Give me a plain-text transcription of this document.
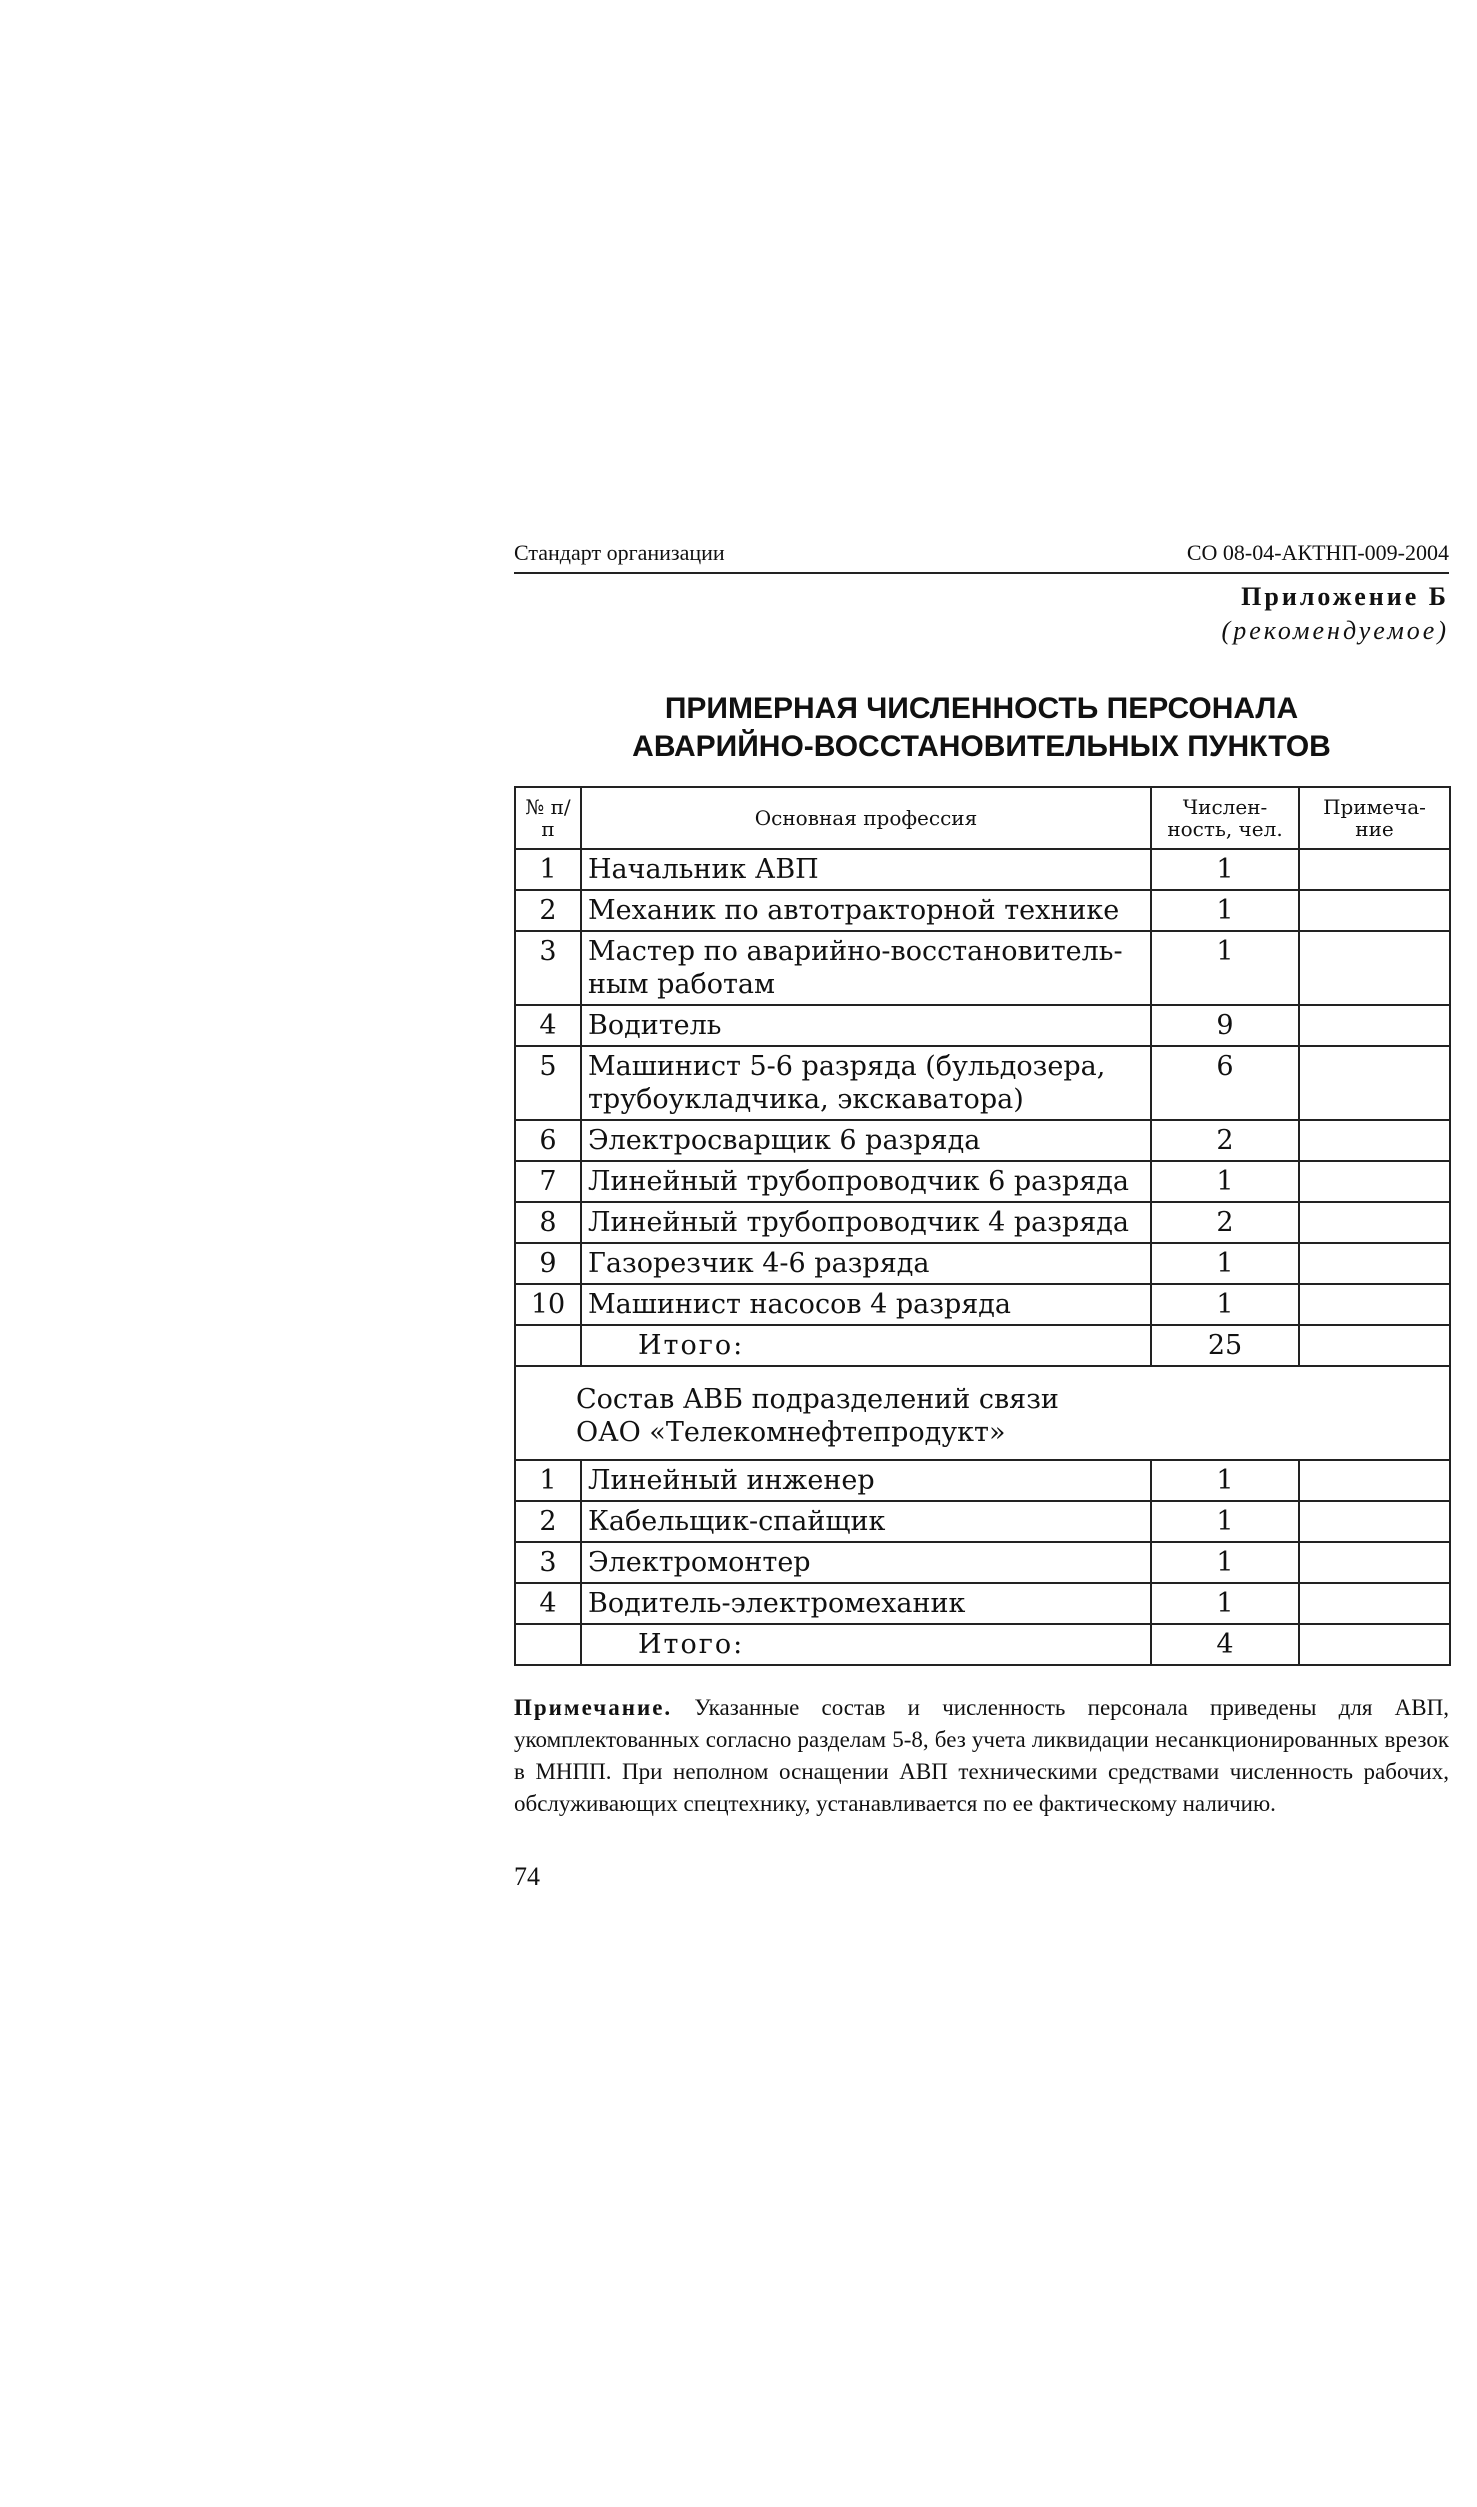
Стандарт организации	СО 08-04-АКТНП-009-2004
Приложение Б
(рекомендуемое)
ПРИМЕРНАЯ ЧИСЛЕННОСТЬ ПЕРСОНАЛА
АВАРИЙНО-ВОССТАНОВИТЕЛЬНЫХ ПУНКТОВ
№ п/п	Основная профессия	Числен- ность, чел.	Примеча- ние
1	Начальник АВП	1	
2	Механик по автотракторной технике	1	
3	Мастер по аварийно-восстановитель-ным работам	1	
4	Водитель	9	
5	Машинист 5-6 разряда (бульдозера, трубоукладчика, экскаватора)	6	
6	Электросварщик 6 разряда	2	
7	Линейный трубопроводчик 6 разряда	1	
8	Линейный трубопроводчик 4 разряда	2	
9	Газорезчик 4-6 разряда	1	
10	Машинист насосов 4 разряда	1	
	Итого:	25	

Состав АВБ подразделений связи
ОАО «Телекомнефтепродукт»			

1	Линейный инженер	1	
2	Кабельщик-спайщик	1	
3	Электромонтер	1	
4	Водитель-электромеханик	1	
	Итого:	4	
Примечание. Указанные состав и численность персонала приведены для АВП, укомплектованных согласно разделам 5-8, без учета ликвидации несанкционированных врезок в МНПП. При неполном оснащении АВП техническими средствами численность рабочих, обслуживающих спецтехнику, устанавливается по ее фактическому наличию.
74
